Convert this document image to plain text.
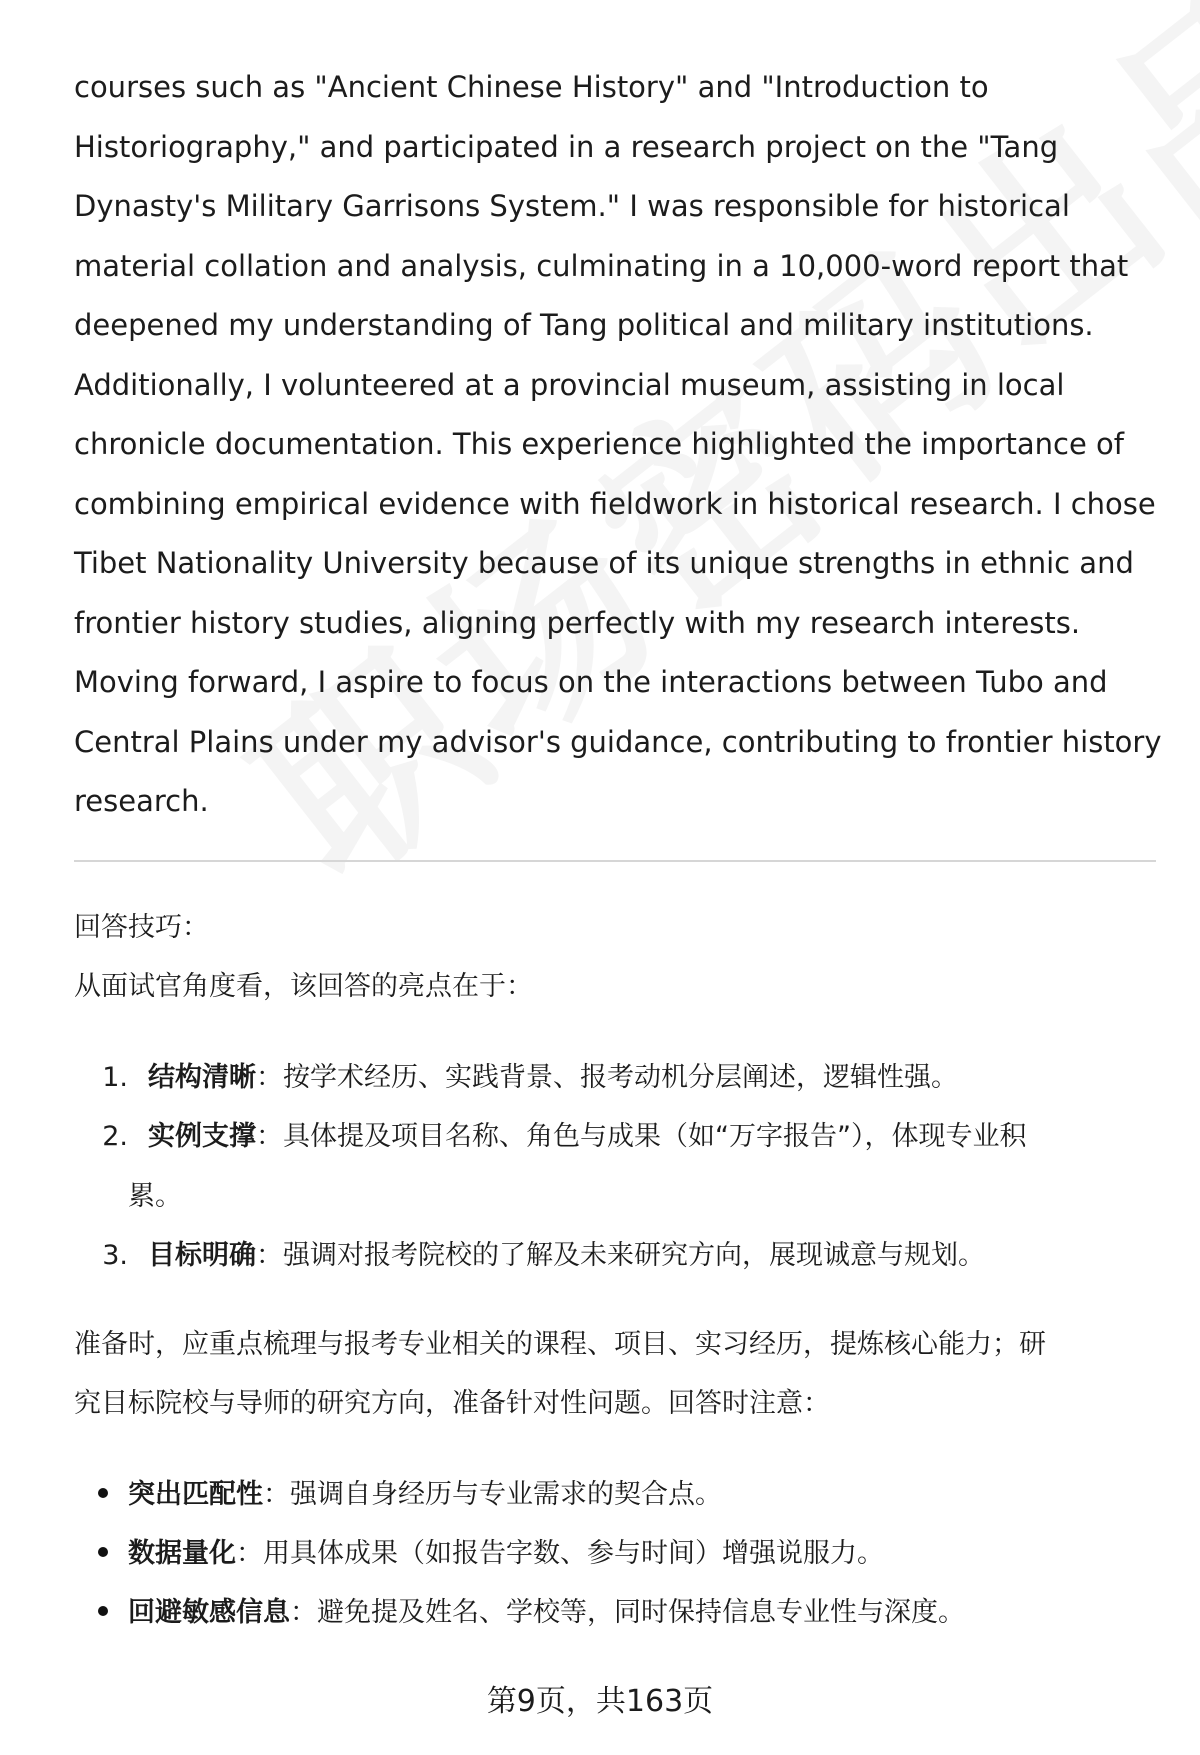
courses such as "Ancient Chinese History" and "Introduction to
Historiography," and participated in a research project on the "Tang
Dynasty's Military Garrisons System." I was responsible for historical
material collation and analysis, culminating in a 10,000-word report that
deepened my understanding of Tang political and military institutions.
Additionally, I volunteered at a provincial museum, assisting in local
chronicle documentation. This experience highlighted the importance of
combining empirical evidence with fieldwork in historical research. I chose
Tibet Nationality University because of its unique strengths in ethnic and
frontier history studies, aligning perfectly with my research interests.
Moving forward, I aspire to focus on the interactions between Tubo and
Central Plains under my advisor's guidance, contributing to frontier history
research.
回答技巧：
从面试官角度看，该回答的亮点在于：
1. 结构清晰：按学术经历、实践背景、报考动机分层阐述，逻辑性强。
2. 实例支撑：具体提及项目名称、角色与成果（如“万字报告”），体现专业积
累。
3. 目标明确：强调对报考院校的了解及未来研究方向，展现诚意与规划。
准备时，应重点梳理与报考专业相关的课程、项目、实习经历，提炼核心能力；研
究目标院校与导师的研究方向，准备针对性问题。回答时注意：
突出匹配性：强调自身经历与专业需求的契合点。
数据量化：用具体成果（如报告字数、参与时间）增强说服力。
回避敏感信息：避免提及姓名、学校等，同时保持信息专业性与深度。
第9页，共163页
